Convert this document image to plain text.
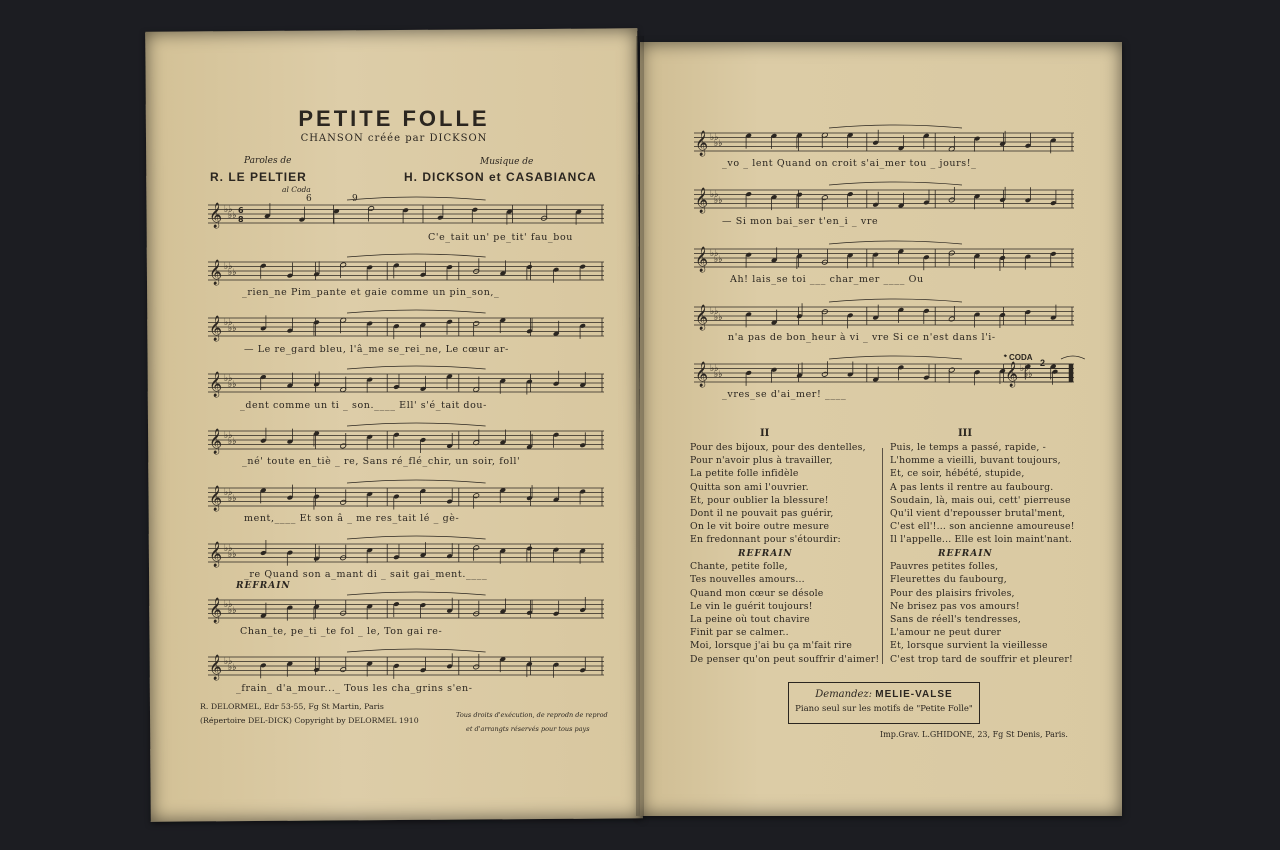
PETITE FOLLE
CHANSON créée par DICKSON
Paroles de
R. LE PELTIER
Musique de
H. DICKSON et CASABIANCA
al Coda
6	9
𝄞 ♭♭
♭♭
6
8
𝄞 ♭♭
♭♭
𝄞 ♭♭
♭♭
𝄞 ♭♭
♭♭
𝄞 ♭♭
♭♭
𝄞 ♭♭
♭♭
𝄞 ♭♭
♭♭
𝄞 ♭♭
♭♭
𝄞 ♭♭
♭♭
C'e_tait un' pe_tit' fau_bou
_rien_ne Pim_pante et gaie comme un pin_son,_
— Le re_gard bleu, l'â_me se_rei_ne, Le cœur ar-
_dent comme un ti _ son.____ Ell' s'é_tait dou-
_né' toute en_tiè _ re, Sans ré_flé_chir, un soir, foll'
ment,____ Et son â _ me res_tait lé _ gè-
_re Quand son a_mant di _ sait gai_ment.____
REFRAIN
Chan_te, pe_ti _te fol _ le, Ton gai re-
_frain_ d'a_mour..._ Tous les cha_grins s'en-
R. DELORMEL, Edr 53-55, Fg St Martin, Paris
(Répertoire DEL-DICK) Copyright by DELORMEL 1910
Tous droits d'exécution, de reprodn de reprod
et d'arrangts réservés pour tous pays
𝄞 ♭♭
♭♭
𝄞 ♭♭
♭♭
𝄞 ♭♭
♭♭
𝄞 ♭♭
♭♭
𝄞 ♭♭
♭♭	𝄞 ♭♭
♭♭
_vo _ lent Quand on croit s'ai_mer tou _ jours!_
— Si mon bai_ser t'en_i _ vre
Ah! lais_se toi ___ char_mer ____ Ou
n'a pas de bon_heur à vi _ vre Si ce n'est dans l'i-
_vres_se d'ai_mer! ____
𝄌 CODA
2
II	III
Pour des bijoux, pour des dentelles,
Pour n'avoir plus à travailler,
La petite folle infidèle
Quitta son ami l'ouvrier.
Et, pour oublier la blessure!
Dont il ne pouvait pas guérir,
On le vit boire outre mesure
En fredonnant pour s'étourdir:
REFRAIN
Chante, petite folle,
Tes nouvelles amours...
Quand mon cœur se désole
Le vin le guérit toujours!
La peine où tout chavire
Finit par se calmer..
Moi, lorsque j'ai bu ça m'fait rire
De penser qu'on peut souffrir d'aimer!
Puis, le temps a passé, rapide, -
L'homme a vieilli, buvant toujours,
Et, ce soir, hébété, stupide,
A pas lents il rentre au faubourg.
Soudain, là, mais oui, cett' pierreuse
Qu'il vient d'repousser brutal'ment,
C'est ell'!... son ancienne amoureuse!
Il l'appelle... Elle est loin maint'nant.
REFRAIN
Pauvres petites folles,
Fleurettes du faubourg,
Pour des plaisirs frivoles,
Ne brisez pas vos amours!
Sans de réell's tendresses,
L'amour ne peut durer
Et, lorsque survient la vieillesse
C'est trop tard de souffrir et pleurer!
Demandez: MELIE-VALSE
Piano seul sur les motifs de "Petite Folle"
Imp.Grav. L.GHIDONE, 23, Fg St Denis, Paris.
